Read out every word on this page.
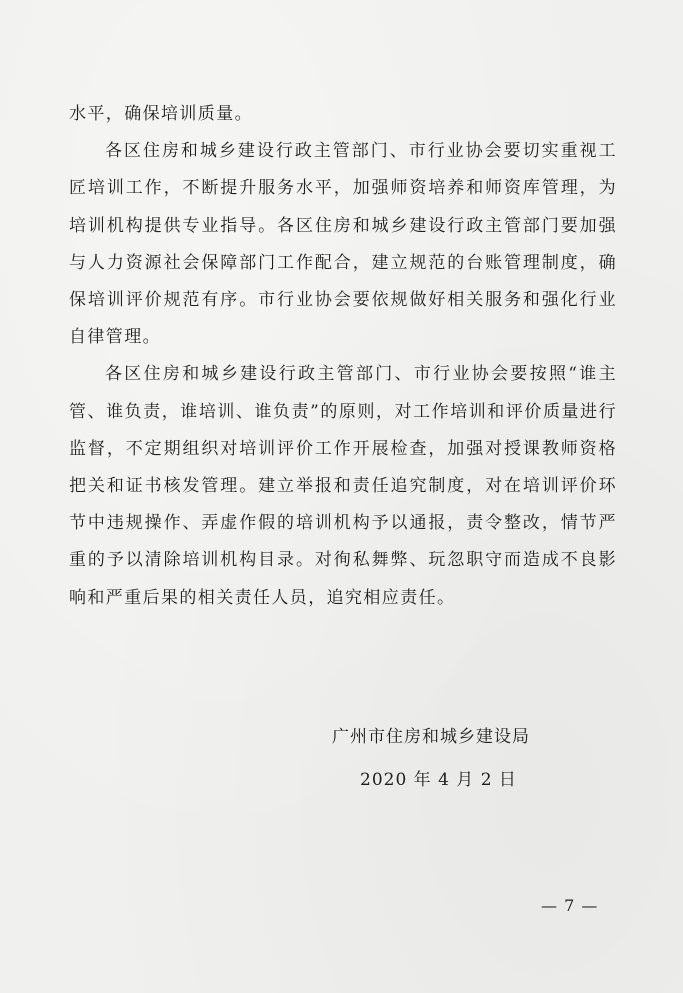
水平，确保培训质量。

各区住房和城乡建设行政主管部门、市行业协会要切实重视工匠培训工作，不断提升服务水平，加强师资培养和师资库管理，为培训机构提供专业指导。各区住房和城乡建设行政主管部门要加强与人力资源社会保障部门工作配合，建立规范的台账管理制度，确保培训评价规范有序。市行业协会要依规做好相关服务和强化行业自律管理。

各区住房和城乡建设行政主管部门、市行业协会要按照“谁主管、谁负责，谁培训、谁负责”的原则，对工作培训和评价质量进行监督，不定期组织对培训评价工作开展检查，加强对授课教师资格把关和证书核发管理。建立举报和责任追究制度，对在培训评价环节中违规操作、弄虚作假的培训机构予以通报，责令整改，情节严重的予以清除培训机构目录。对徇私舞弊、玩忽职守而造成不良影响和严重后果的相关责任人员，追究相应责任。

广州市住房和城乡建设局
2020 年 4 月 2 日
— 7 —
